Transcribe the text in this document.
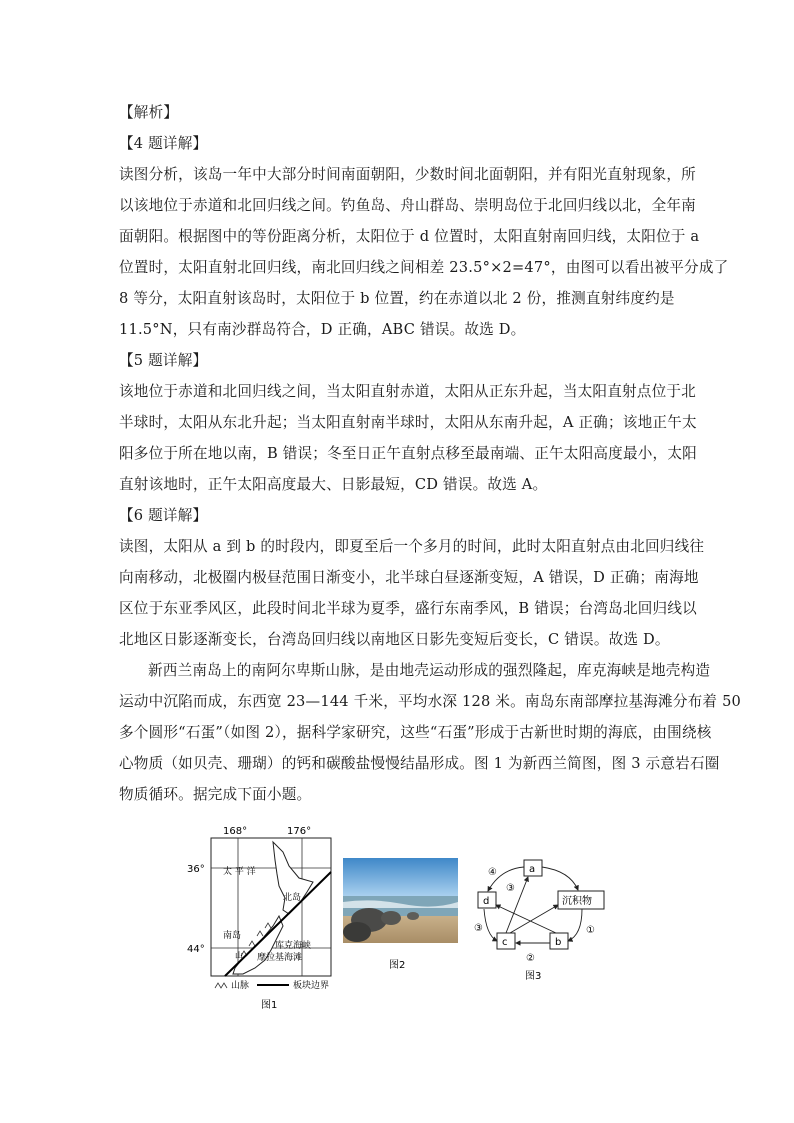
【解析】
【4 题详解】
读图分析，该岛一年中大部分时间南面朝阳，少数时间北面朝阳，并有阳光直射现象，所
以该地位于赤道和北回归线之间。钓鱼岛、舟山群岛、崇明岛位于北回归线以北，全年南
面朝阳。根据图中的等份距离分析，太阳位于 d 位置时，太阳直射南回归线，太阳位于 a
位置时，太阳直射北回归线，南北回归线之间相差 23.5°×2=47°，由图可以看出被平分成了
8 等分，太阳直射该岛时，太阳位于 b 位置，约在赤道以北 2 份，推测直射纬度约是
11.5°N，只有南沙群岛符合，D 正确，ABC 错误。故选 D。
【5 题详解】
该地位于赤道和北回归线之间，当太阳直射赤道，太阳从正东升起，当太阳直射点位于北
半球时，太阳从东北升起；当太阳直射南半球时，太阳从东南升起，A 正确；该地正午太
阳多位于所在地以南，B 错误；冬至日正午直射点移至最南端、正午太阳高度最小，太阳
直射该地时，正午太阳高度最大、日影最短，CD 错误。故选 A。
【6 题详解】
读图，太阳从 a 到 b 的时段内，即夏至后一个多月的时间，此时太阳直射点由北回归线往
向南移动，北极圈内极昼范围日渐变小，北半球白昼逐渐变短，A 错误，D 正确；南海地
区位于东亚季风区，此段时间北半球为夏季，盛行东南季风，B 错误；台湾岛北回归线以
北地区日影逐渐变长，台湾岛回归线以南地区日影先变短后变长，C 错误。故选 D。
新西兰南岛上的南阿尔卑斯山脉，是由地壳运动形成的强烈隆起，库克海峡是地壳构造
运动中沉陷而成，东西宽 23—144 千米，平均水深 128 米。南岛东南部摩拉基海滩分布着 50
多个圆形“石蛋”（如图 2），据科学家研究，这些“石蛋”形成于古新世时期的海底，由围绕核
心物质（如贝壳、珊瑚）的钙和碳酸盐慢慢结晶形成。图 1 为新西兰简图，图 3 示意岩石圈
物质循环。据完成下面小题。
168°	176°
36°
44°
太 平 洋
北岛
南岛
库克海峡
摩拉基海滩
山
山脉	板块边界
图1
图2
a
d	沉积物
c	b
④
③
③
②
①
图3
